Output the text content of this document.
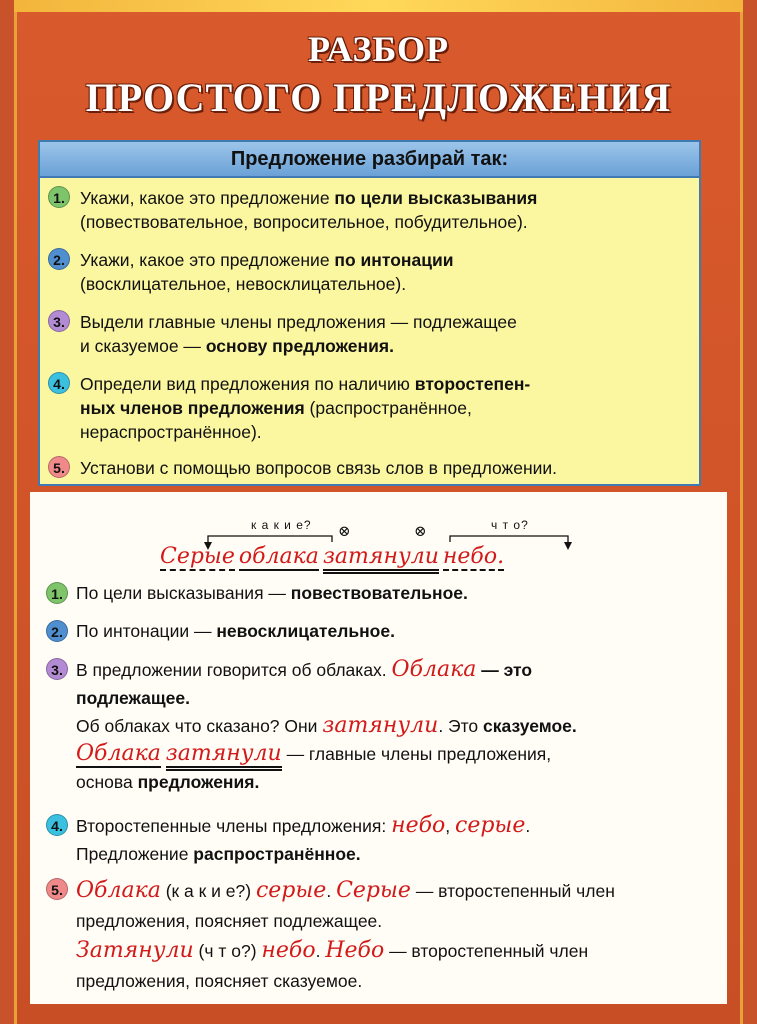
РАЗБОР
ПРОСТОГО ПРЕДЛОЖЕНИЯ
Предложение разбирай так:
1. Укажи, какое это предложение по цели высказывания
(повествовательное, вопросительное, побудительное).
2. Укажи, какое это предложение по интонации
(восклицательное, невосклицательное).
3. Выдели главные члены предложения — подлежащее
и сказуемое — основу предложения.
4. Определи вид предложения по наличию второстепен-
ных членов предложения (распространённое,
нераспространённое).
5. Установи с помощью вопросов связь слов в предложении.
к а к и е? ⊗	⊗	ч т о?
Серые облака затянули небо.
1. По цели высказывания — повествовательное.
2. По интонации — невосклицательное.
3. В предложении говорится об облаках. Облака — это
подлежащее.
Об облаках что сказано? Они затянули. Это сказуемое.
Облака затянули — главные члены предложения,
основа предложения.
4. Второстепенные члены предложения: небо, серые.
Предложение распространённое.
5. Облака (к а к и е?) серые. Серые — второстепенный член
предложения, поясняет подлежащее.
Затянули (ч т о?) небо. Небо — второстепенный член
предложения, поясняет сказуемое.
